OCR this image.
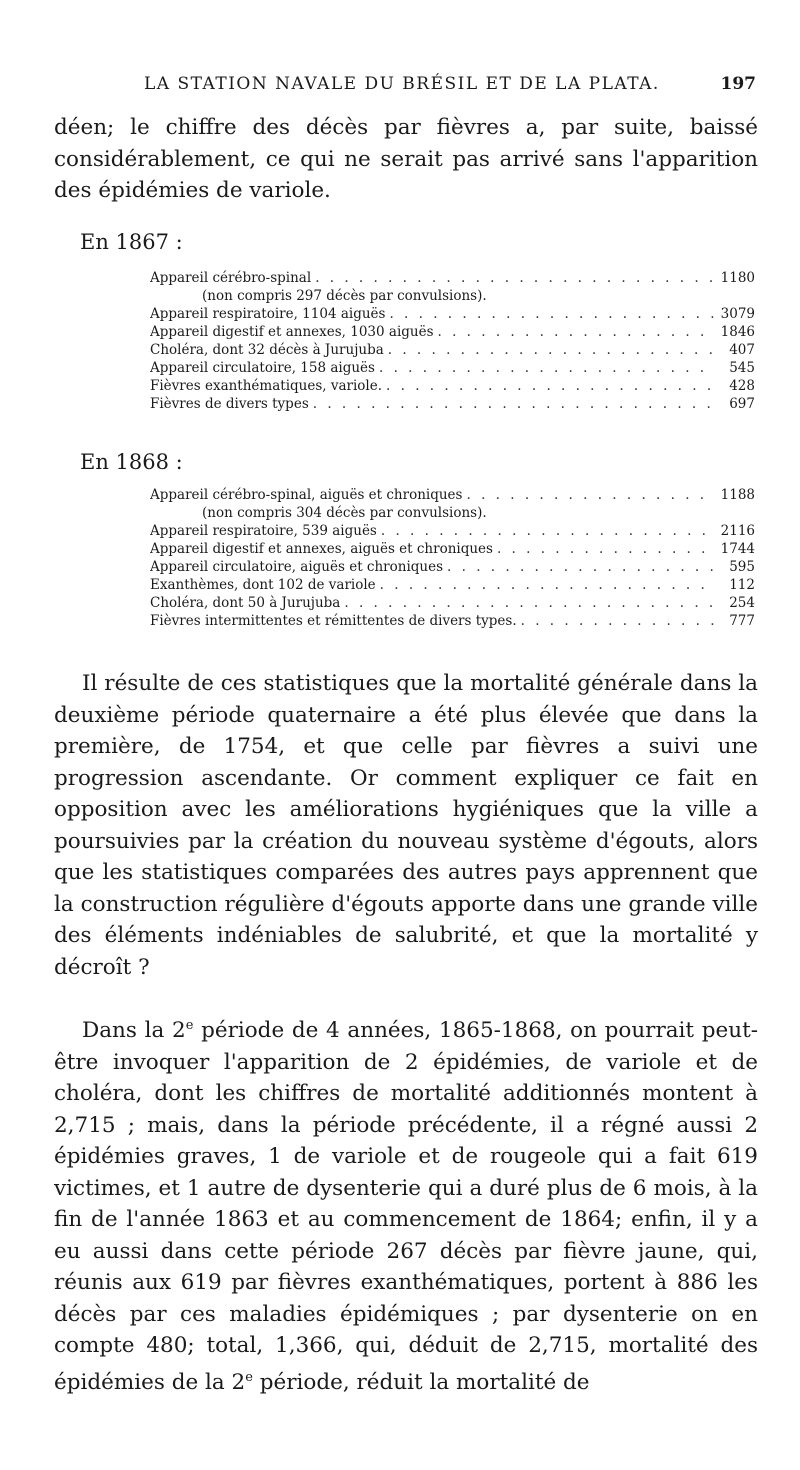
LA STATION NAVALE DU BRÉSIL ET DE LA PLATA.	197
déen; le chiffre des décès par fièvres a, par suite, baissé considérablement, ce qui ne serait pas arrivé sans l'apparition des épidémies de variole.
En 1867 :
Appareil cérébro-spinal . . .	1180
(non compris 297 décès par convulsions).
Appareil respiratoire, 1104 aiguës . . .	3079
Appareil digestif et annexes, 1030 aiguës . . .	1846
Choléra, dont 32 décès à Jurujuba . . .	407
Appareil circulatoire, 158 aiguës . . .	545
Fièvres exanthématiques, variole. . . .	428
Fièvres de divers types . . .	697
En 1868 :
Appareil cérébro-spinal, aiguës et chroniques . . .	1188
(non compris 304 décès par convulsions).
Appareil respiratoire, 539 aiguës . . .	2116
Appareil digestif et annexes, aiguës et chroniques . . .	1744
Appareil circulatoire, aiguës et chroniques . . .	595
Exanthèmes, dont 102 de variole . . .	112
Choléra, dont 50 à Jurujuba . . .	254
Fièvres intermittentes et rémittentes de divers types. . . .	777
Il résulte de ces statistiques que la mortalité générale dans la deuxième période quaternaire a été plus élevée que dans la première, de 1754, et que celle par fièvres a suivi une progression ascendante. Or comment expliquer ce fait en opposition avec les améliorations hygiéniques que la ville a poursuivies par la création du nouveau système d'égouts, alors que les statistiques comparées des autres pays apprennent que la construction régulière d'égouts apporte dans une grande ville des éléments indéniables de salubrité, et que la mortalité y décroît ?
Dans la 2e période de 4 années, 1865-1868, on pourrait peut-être invoquer l'apparition de 2 épidémies, de variole et de choléra, dont les chiffres de mortalité additionnés montent à 2,715 ; mais, dans la période précédente, il a régné aussi 2 épidémies graves, 1 de variole et de rougeole qui a fait 619 victimes, et 1 autre de dysenterie qui a duré plus de 6 mois, à la fin de l'année 1863 et au commencement de 1864; enfin, il y a eu aussi dans cette période 267 décès par fièvre jaune, qui, réunis aux 619 par fièvres exanthématiques, portent à 886 les décès par ces maladies épidémiques ; par dysenterie on en compte 480; total, 1,366, qui, déduit de 2,715, mortalité des épidémies de la 2e période, réduit la mortalité de
